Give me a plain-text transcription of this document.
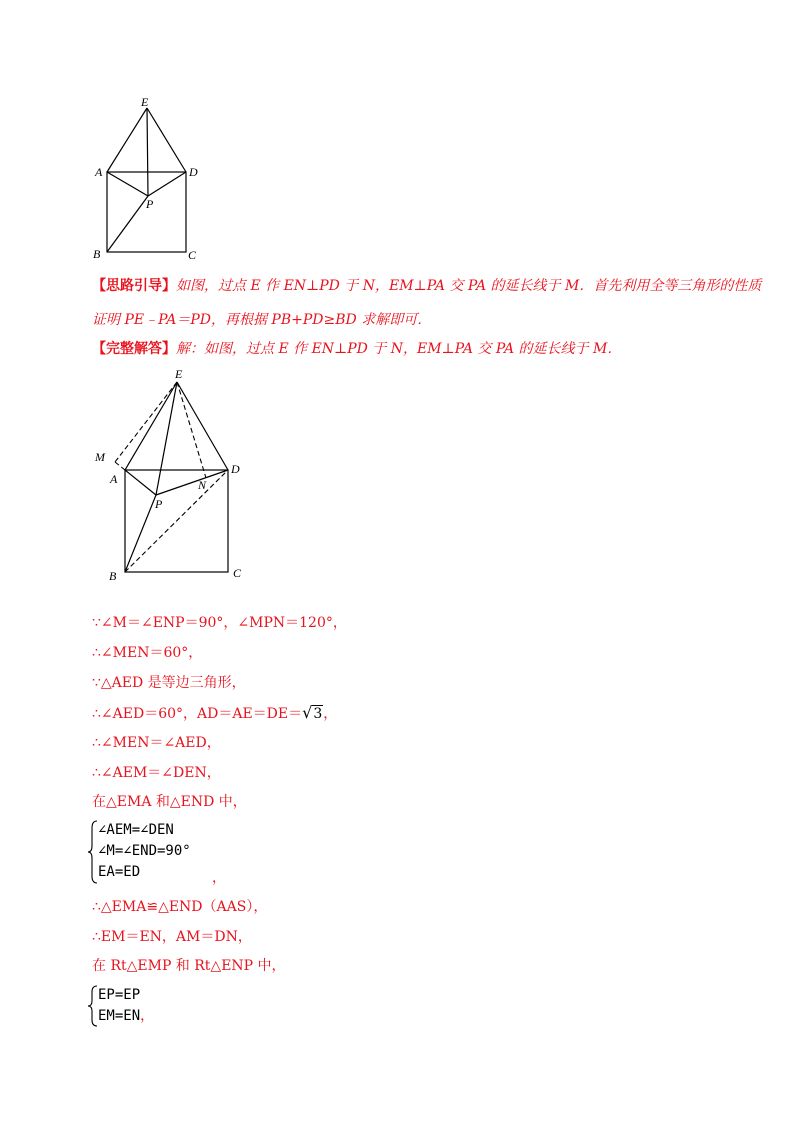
E
A	D
P
B	C
【思路引导】如图，过点 E 作 EN⊥PD 于 N，EM⊥PA 交 PA 的延长线于 M．首先利用全等三角形的性质
证明 PE﹣PA＝PD，再根据 PB+PD≥BD 求解即可．
【完整解答】解：如图，过点 E 作 EN⊥PD 于 N，EM⊥PA 交 PA 的延长线于 M．
E
M
A
D
N
P
B	C
∵∠M＝∠ENP＝90°，∠MPN＝120°，
∴∠MEN＝60°，
∵△AED 是等边三角形，
∴∠AED＝60°，AD＝AE＝DE＝√3，
∴∠MEN＝∠AED，
∴∠AEM＝∠DEN，
在△EMA 和△END 中，
∠AEM=∠DEN
∠M=∠END=90°
EA=ED	，
∴△EMA≌△END（AAS），
∴EM＝EN，AM＝DN，
在 Rt△EMP 和 Rt△ENP 中，
EP=EP
EM=EN，
